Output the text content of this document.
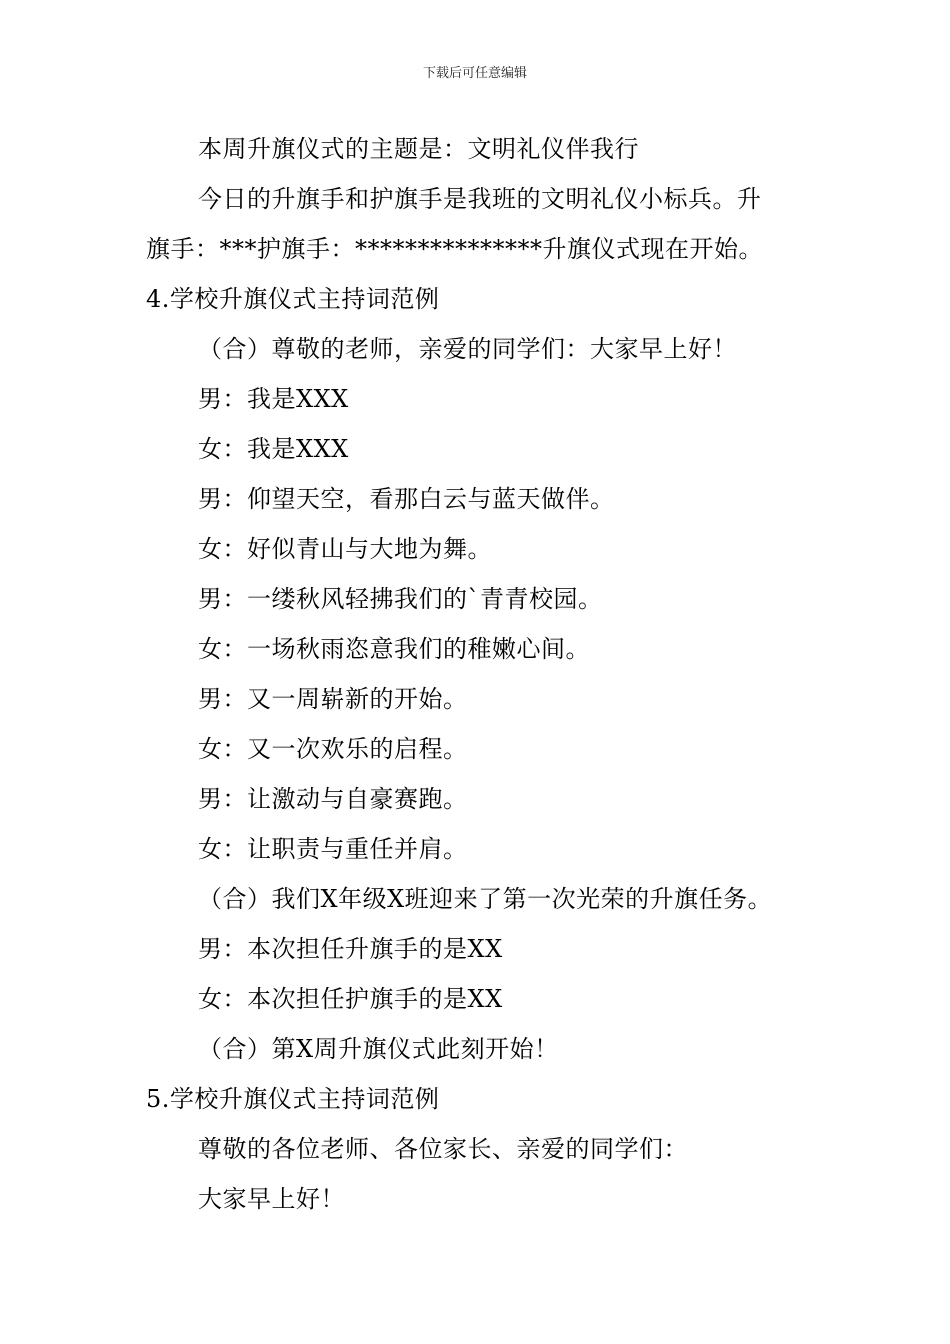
下载后可任意编辑
本周升旗仪式的主题是：文明礼仪伴我行
今日的升旗手和护旗手是我班的文明礼仪小标兵。升
旗手：***护旗手：***************升旗仪式现在开始。
4.学校升旗仪式主持词范例
（合）尊敬的老师，亲爱的同学们：大家早上好！
男：我是XXX
女：我是XXX
男：仰望天空，看那白云与蓝天做伴。
女：好似青山与大地为舞。
男：一缕秋风轻拂我们的`青青校园。
女：一场秋雨恣意我们的稚嫩心间。
男：又一周崭新的开始。
女：又一次欢乐的启程。
男：让激动与自豪赛跑。
女：让职责与重任并肩。
（合）我们X年级X班迎来了第一次光荣的升旗任务。
男：本次担任升旗手的是XX
女：本次担任护旗手的是XX
（合）第X周升旗仪式此刻开始！
5.学校升旗仪式主持词范例
尊敬的各位老师、各位家长、亲爱的同学们：
大家早上好！
